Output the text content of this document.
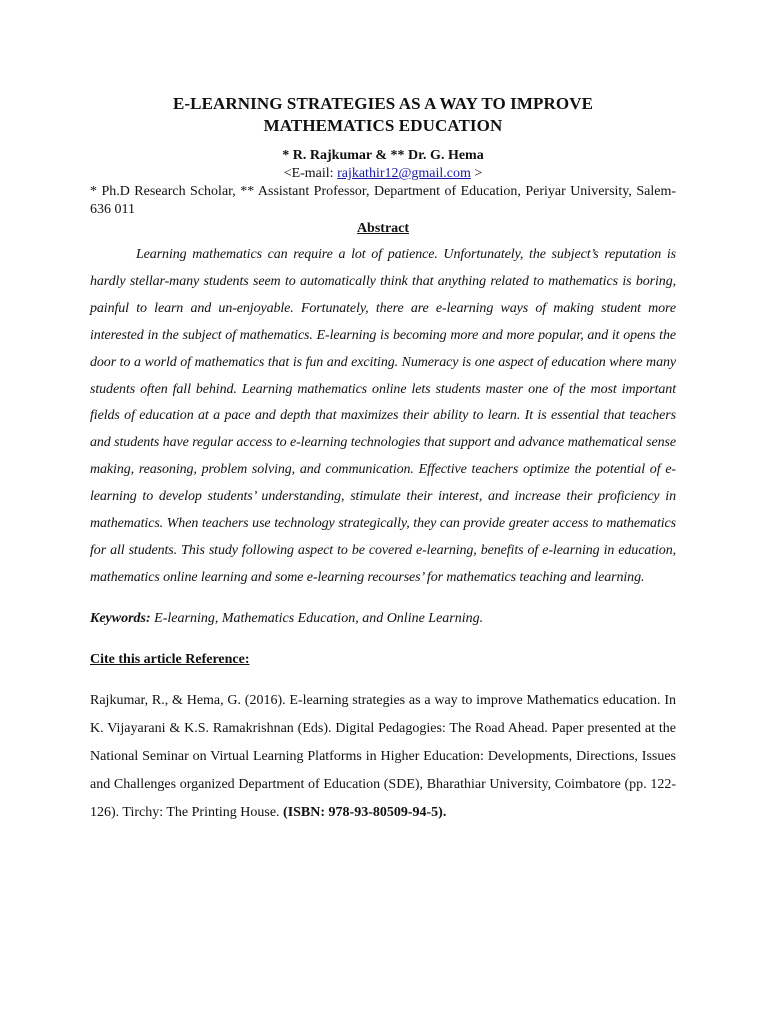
E-LEARNING STRATEGIES AS A WAY TO IMPROVE
MATHEMATICS EDUCATION
* R. Rajkumar & ** Dr. G. Hema
<E-mail: rajkathir12@gmail.com >
* Ph.D Research Scholar, ** Assistant Professor, Department of Education, Periyar University, Salem-636 011
Abstract
Learning mathematics can require a lot of patience. Unfortunately, the subject’s reputation is hardly stellar-many students seem to automatically think that anything related to mathematics is boring, painful to learn and un-enjoyable. Fortunately, there are e-learning ways of making student more interested in the subject of mathematics. E-learning is becoming more and more popular, and it opens the door to a world of mathematics that is fun and exciting. Numeracy is one aspect of education where many students often fall behind. Learning mathematics online lets students master one of the most important fields of education at a pace and depth that maximizes their ability to learn. It is essential that teachers and students have regular access to e-learning technologies that support and advance mathematical sense making, reasoning, problem solving, and communication. Effective teachers optimize the potential of e-learning to develop students’ understanding, stimulate their interest, and increase their proficiency in mathematics. When teachers use technology strategically, they can provide greater access to mathematics for all students. This study following aspect to be covered e-learning, benefits of e-learning in education, mathematics online learning and some e-learning recourses’ for mathematics teaching and learning.
Keywords: E-learning, Mathematics Education, and Online Learning.
Cite this article Reference:
Rajkumar, R., & Hema, G. (2016). E-learning strategies as a way to improve Mathematics education. In K. Vijayarani & K.S. Ramakrishnan (Eds). Digital Pedagogies: The Road Ahead. Paper presented at the National Seminar on Virtual Learning Platforms in Higher Education: Developments, Directions, Issues and Challenges organized Department of Education (SDE), Bharathiar University, Coimbatore (pp. 122-126). Tirchy: The Printing House. (ISBN: 978-93-80509-94-5).
